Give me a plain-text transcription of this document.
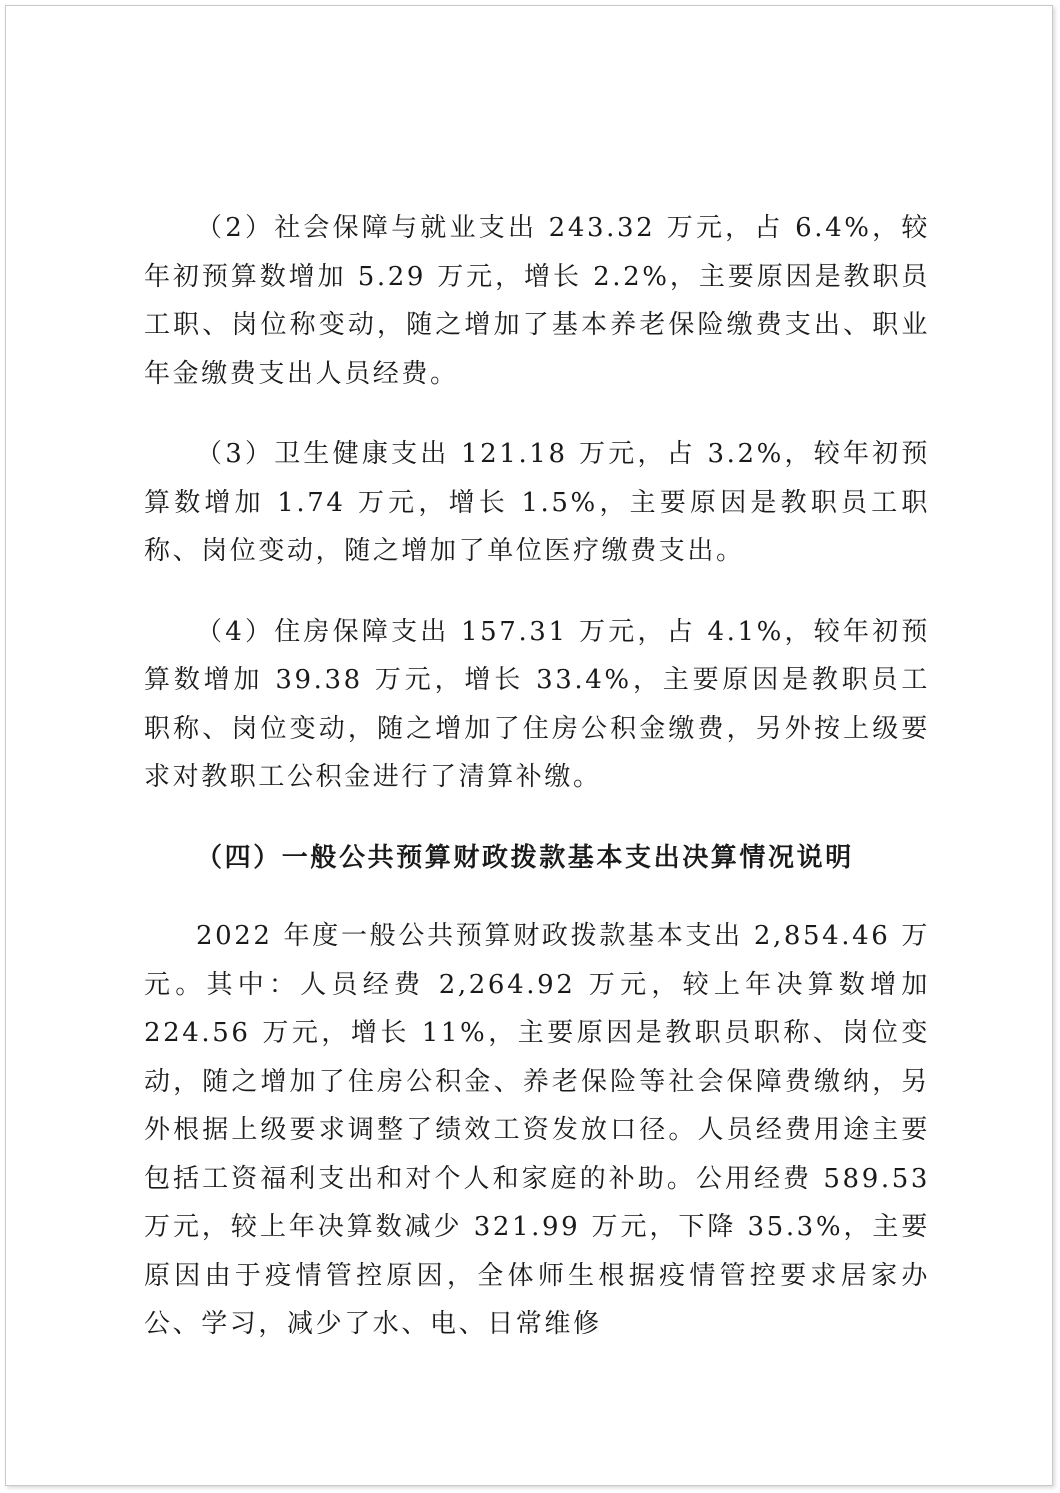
（2）社会保障与就业支出 243.32 万元，占 6.4%，较年初预算数增加 5.29 万元，增长 2.2%，主要原因是教职员工职、岗位称变动，随之增加了基本养老保险缴费支出、职业年金缴费支出人员经费。

（3）卫生健康支出 121.18 万元，占 3.2%，较年初预算数增加 1.74 万元，增长 1.5%，主要原因是教职员工职称、岗位变动，随之增加了单位医疗缴费支出。

（4）住房保障支出 157.31 万元，占 4.1%，较年初预算数增加 39.38 万元，增长 33.4%，主要原因是教职员工职称、岗位变动，随之增加了住房公积金缴费，另外按上级要求对教职工公积金进行了清算补缴。

（四）一般公共预算财政拨款基本支出决算情况说明

2022 年度一般公共预算财政拨款基本支出 2,854.46 万元。其中：人员经费 2,264.92 万元，较上年决算数增加 224.56 万元，增长 11%，主要原因是教职员职称、岗位变动，随之增加了住房公积金、养老保险等社会保障费缴纳，另外根据上级要求调整了绩效工资发放口径。人员经费用途主要包括工资福利支出和对个人和家庭的补助。公用经费 589.53 万元，较上年决算数减少 321.99 万元，下降 35.3%，主要原因由于疫情管控原因，全体师生根据疫情管控要求居家办公、学习，减少了水、电、日常维修
